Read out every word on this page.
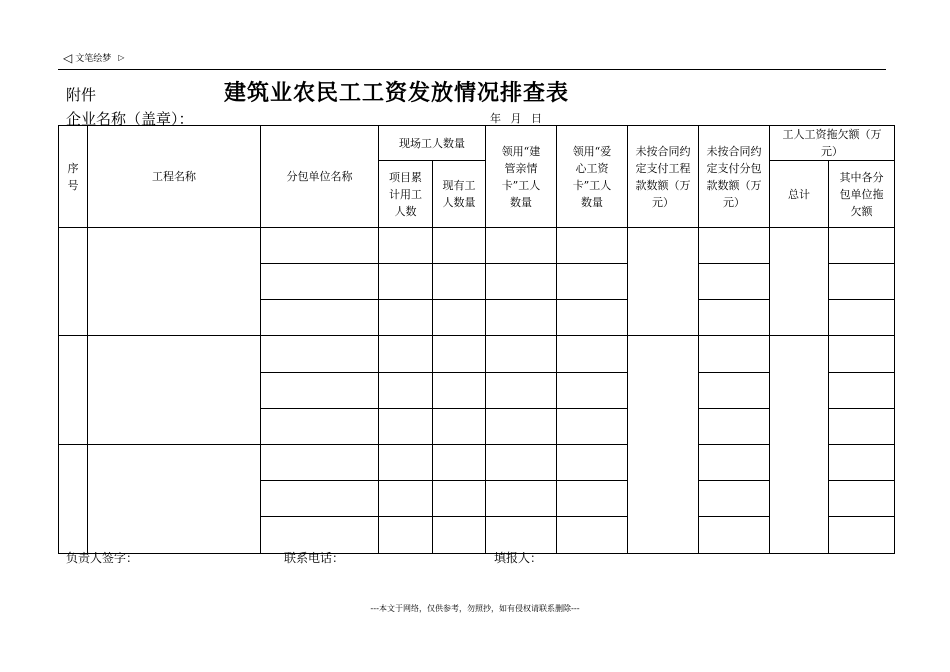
◁ 文笔绘梦 ▷
附件	建筑业农民工工资发放情况排查表
企业名称（盖章）：	年 月 日
序号	工程名称	分包单位名称	现场工人数量		领用“建管亲情卡”工人数量	领用“爱心工资卡”工人数量	未按合同约定支付工程款数额（万元）	未按合同约定支付分包款数额（万元）	工人工资拖欠额（万元）	

			项目累计用工人数	现有工人数量					总计	其中各分包单位拖欠额

负责人签字：	联系电话：	填报人：
---本文于网络，仅供参考，勿照抄，如有侵权请联系删除---
